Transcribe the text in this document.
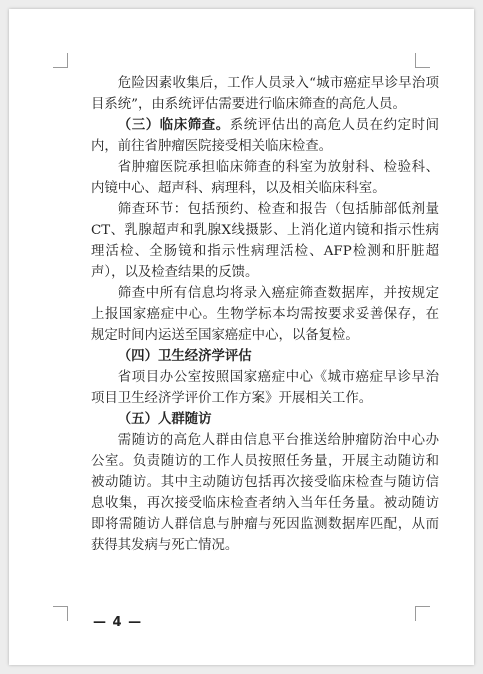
危险因素收集后，工作人员录入“城市癌症早诊早治项目系统”，由系统评估需要进行临床筛查的高危人员。

（三）临床筛查。系统评估出的高危人员在约定时间内，前往省肿瘤医院接受相关临床检查。

省肿瘤医院承担临床筛查的科室为放射科、检验科、内镜中心、超声科、病理科，以及相关临床科室。

筛查环节：包括预约、检查和报告（包括肺部低剂量CT、乳腺超声和乳腺X线摄影、上消化道内镜和指示性病理活检、全肠镜和指示性病理活检、AFP检测和肝脏超声），以及检查结果的反馈。

筛查中所有信息均将录入癌症筛查数据库，并按规定上报国家癌症中心。生物学标本均需按要求妥善保存，在规定时间内运送至国家癌症中心，以备复检。

（四）卫生经济学评估

省项目办公室按照国家癌症中心《城市癌症早诊早治项目卫生经济学评价工作方案》开展相关工作。

（五）人群随访

需随访的高危人群由信息平台推送给肿瘤防治中心办公室。负责随访的工作人员按照任务量，开展主动随访和被动随访。其中主动随访包括再次接受临床检查与随访信息收集，再次接受临床检查者纳入当年任务量。被动随访即将需随访人群信息与肿瘤与死因监测数据库匹配，从而获得其发病与死亡情况。

— 4 —
